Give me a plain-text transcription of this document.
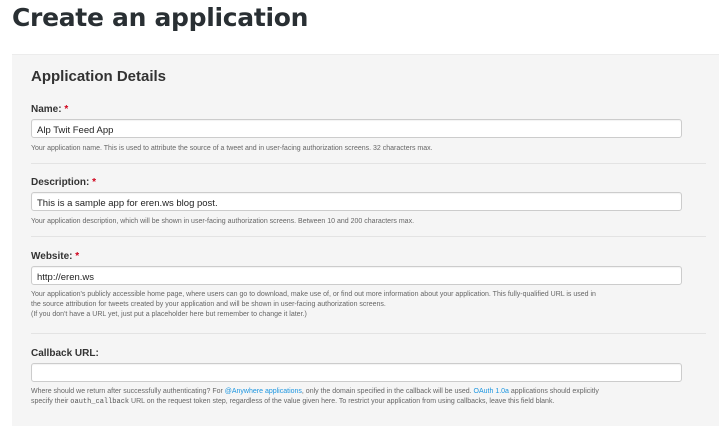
Create an application
Application Details
Name: *
Alp Twit Feed App
Your application name. This is used to attribute the source of a tweet and in user-facing authorization screens. 32 characters max.
Description: *
This is a sample app for eren.ws blog post.
Your application description, which will be shown in user-facing authorization screens. Between 10 and 200 characters max.
Website: *
http://eren.ws
Your application's publicly accessible home page, where users can go to download, make use of, or find out more information about your application. This fully-qualified URL is used in
the source attribution for tweets created by your application and will be shown in user-facing authorization screens.
(If you don't have a URL yet, just put a placeholder here but remember to change it later.)
Callback URL:
Where should we return after successfully authenticating? For @Anywhere applications, only the domain specified in the callback will be used. OAuth 1.0a applications should explicitly
specify their oauth_callback URL on the request token step, regardless of the value given here. To restrict your application from using callbacks, leave this field blank.
